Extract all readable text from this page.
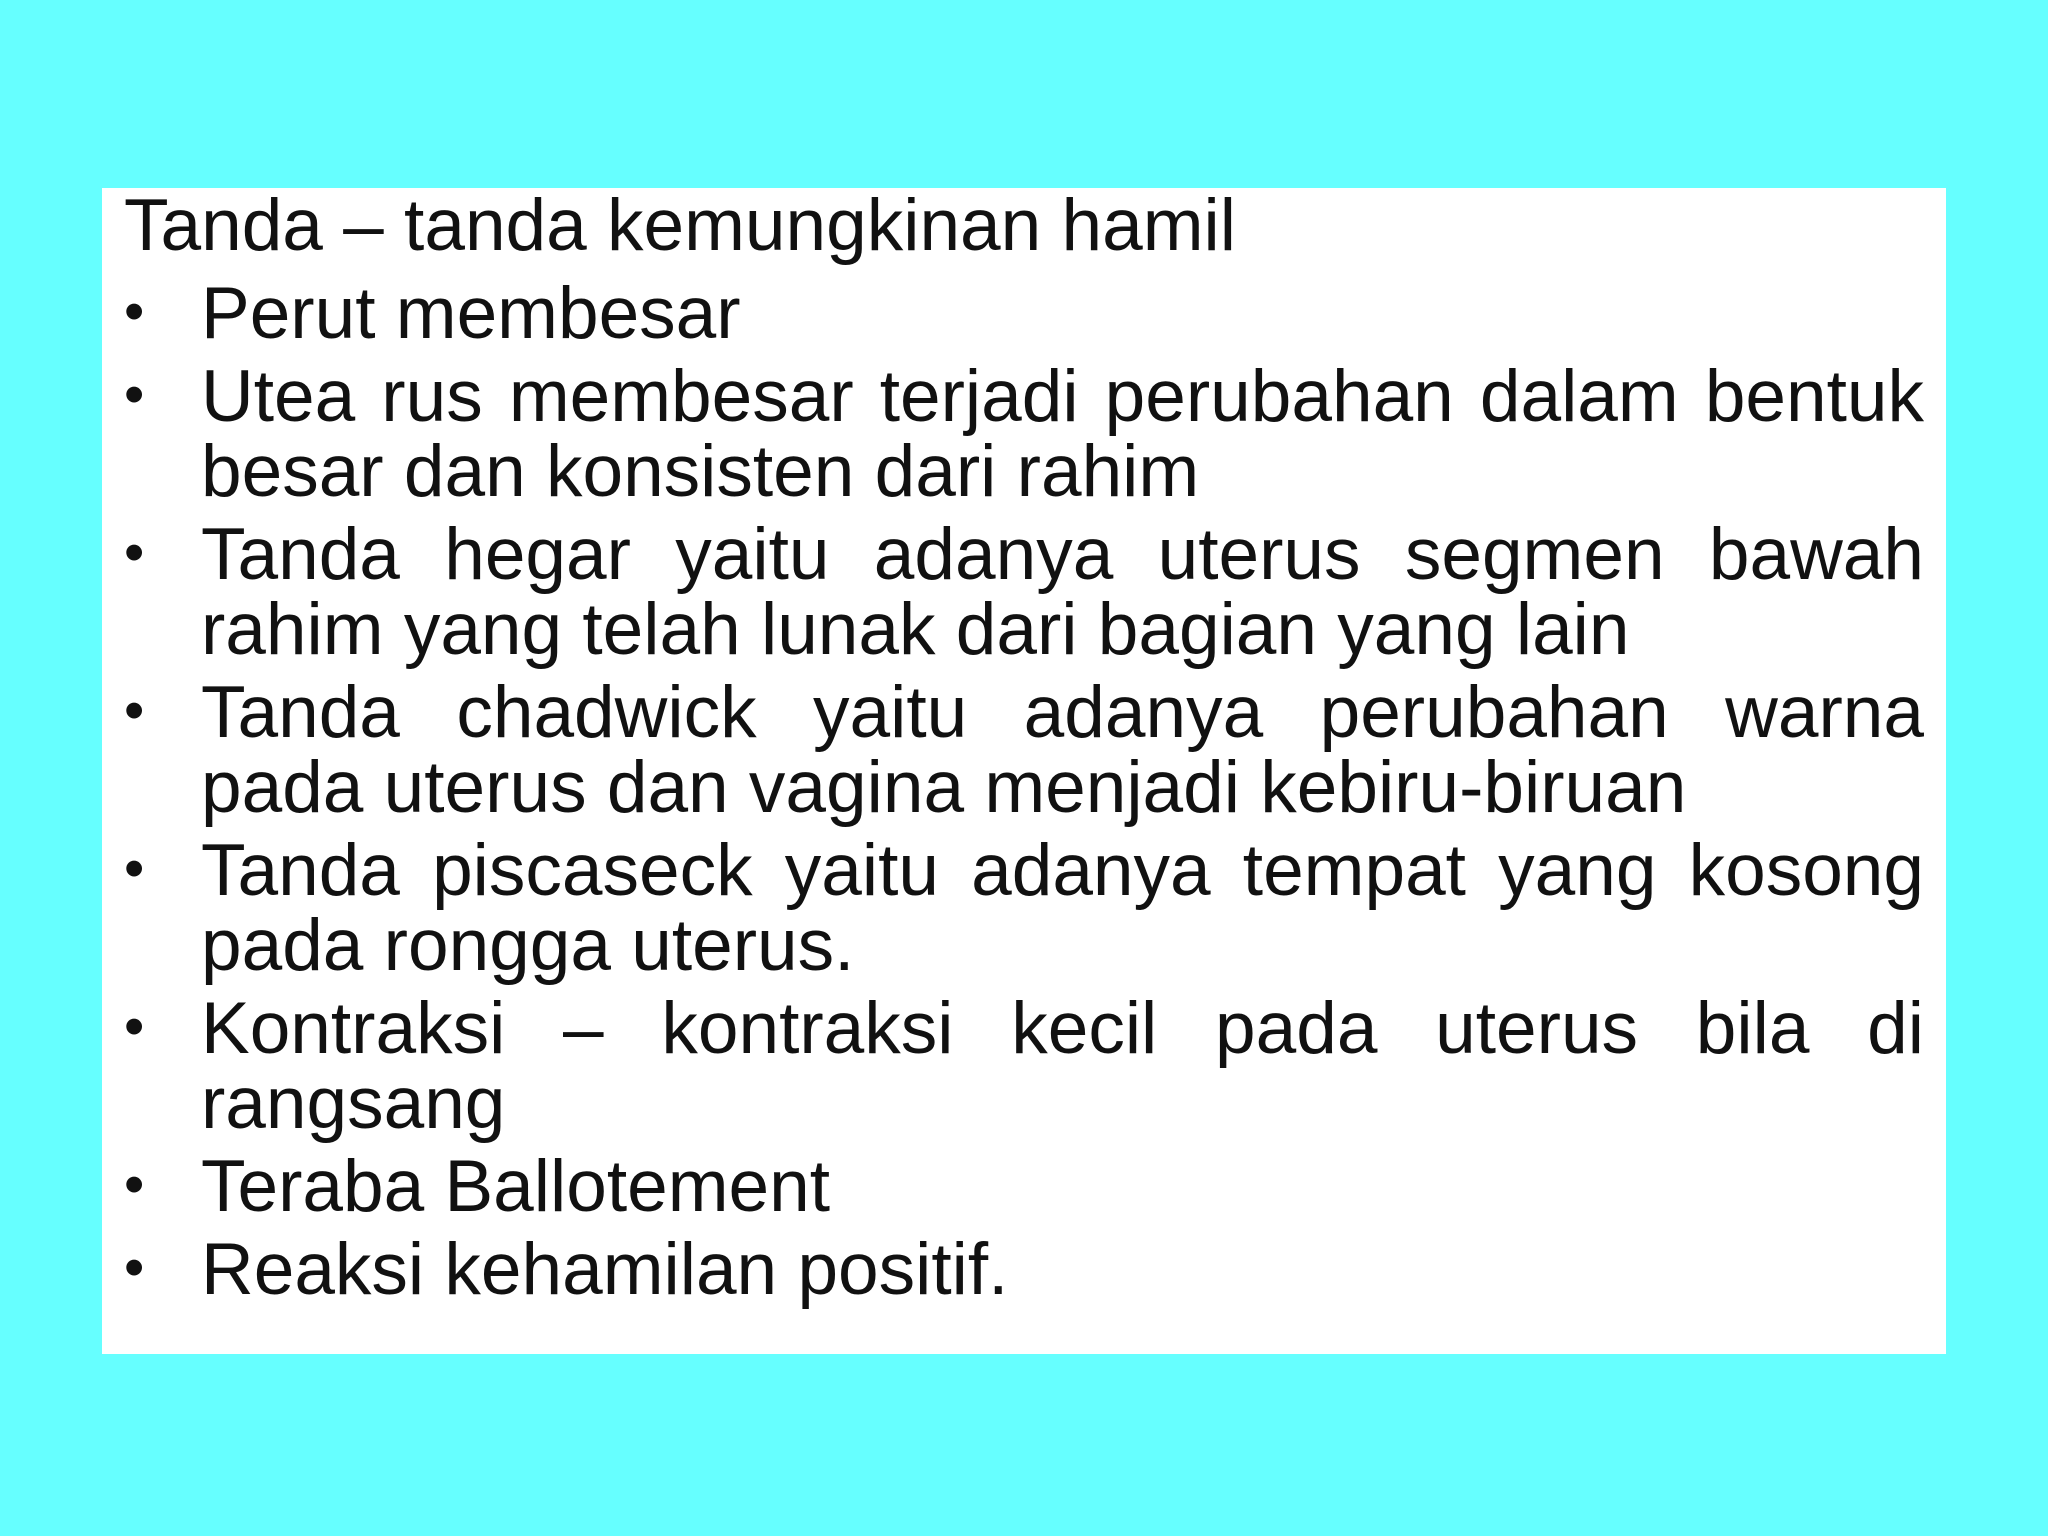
Tanda – tanda kemungkinan hamil
• Perut membesar
• Utea rus membesar terjadi perubahan dalam bentuk besar dan konsisten dari rahim
• Tanda hegar yaitu adanya uterus segmen bawah rahim yang telah lunak dari bagian yang lain
• Tanda chadwick yaitu adanya perubahan warna pada uterus dan vagina menjadi kebiru-biruan
• Tanda piscaseck yaitu adanya tempat yang kosong pada rongga uterus.
• Kontraksi – kontraksi kecil pada uterus bila di rangsang
• Teraba Ballotement
• Reaksi kehamilan positif.
